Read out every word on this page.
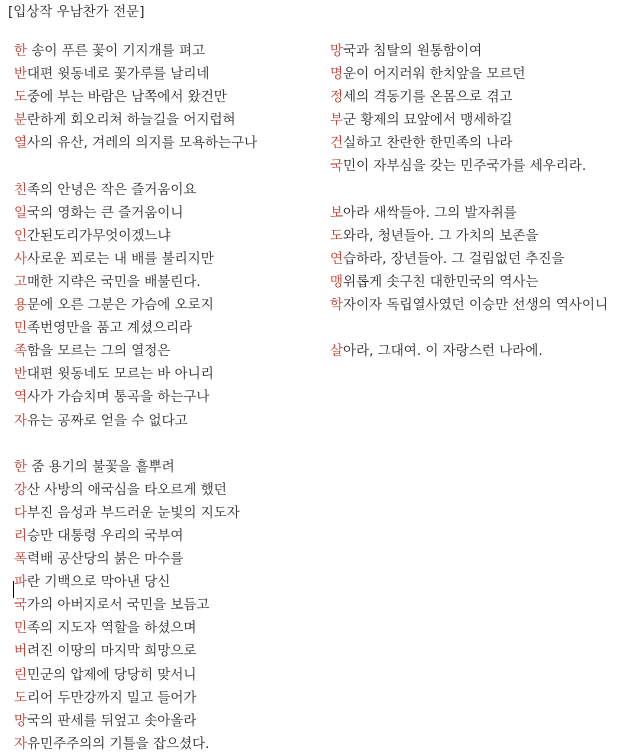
[입상작 우남찬가 전문]
한 송이 푸른 꽃이 기지개를 펴고
반대편 윗동네로 꽃가루를 날리네
도중에 부는 바람은 남쪽에서 왔건만
분란하게 회오리쳐 하늘길을 어지럽혀
열사의 유산, 겨레의 의지를 모욕하는구나
친족의 안녕은 작은 즐거움이요
일국의 영화는 큰 즐거움이니
인간된도리가무엇이겠느냐
사사로운 꾀로는 내 배를 불리지만
고매한 지략은 국민을 배불린다.
용문에 오른 그분은 가슴에 오로지
민족번영만을 품고 계셨으리라
족함을 모르는 그의 열정은
반대편 윗동네도 모르는 바 아니리
역사가 가슴치며 통곡을 하는구나
자유는 공짜로 얻을 수 없다고
한 줌 용기의 불꽃을 흩뿌려
강산 사방의 애국심을 타오르게 했던
다부진 음성과 부드러운 눈빛의 지도자
리승만 대통령 우리의 국부여
폭력배 공산당의 붉은 마수를
파란 기백으로 막아낸 당신
국가의 아버지로서 국민을 보듬고
민족의 지도자 역할을 하셨으며
버려진 이땅의 마지막 희망으로
린민군의 압제에 당당히 맞서니
도리어 두만강까지 밀고 들어가
망국의 판세를 뒤엎고 솟아올라
자유민주주의의 기틀을 잡으셨다.
망국과 침탈의 원통함이여
명운이 어지러워 한치앞을 모르던
정세의 격동기를 온몸으로 겪고
부군 황제의 묘앞에서 맹세하길
건실하고 찬란한 한민족의 나라
국민이 자부심을 갖는 민주국가를 세우리라.
보아라 새싹들아. 그의 발자취를
도와라, 청년들아. 그 가치의 보존을
연습하라, 장년들아. 그 걸림없던 추진을
맹위롭게 솟구친 대한민국의 역사는
학자이자 독립열사였던 이승만 선생의 역사이니
살아라, 그대여. 이 자랑스런 나라에.
